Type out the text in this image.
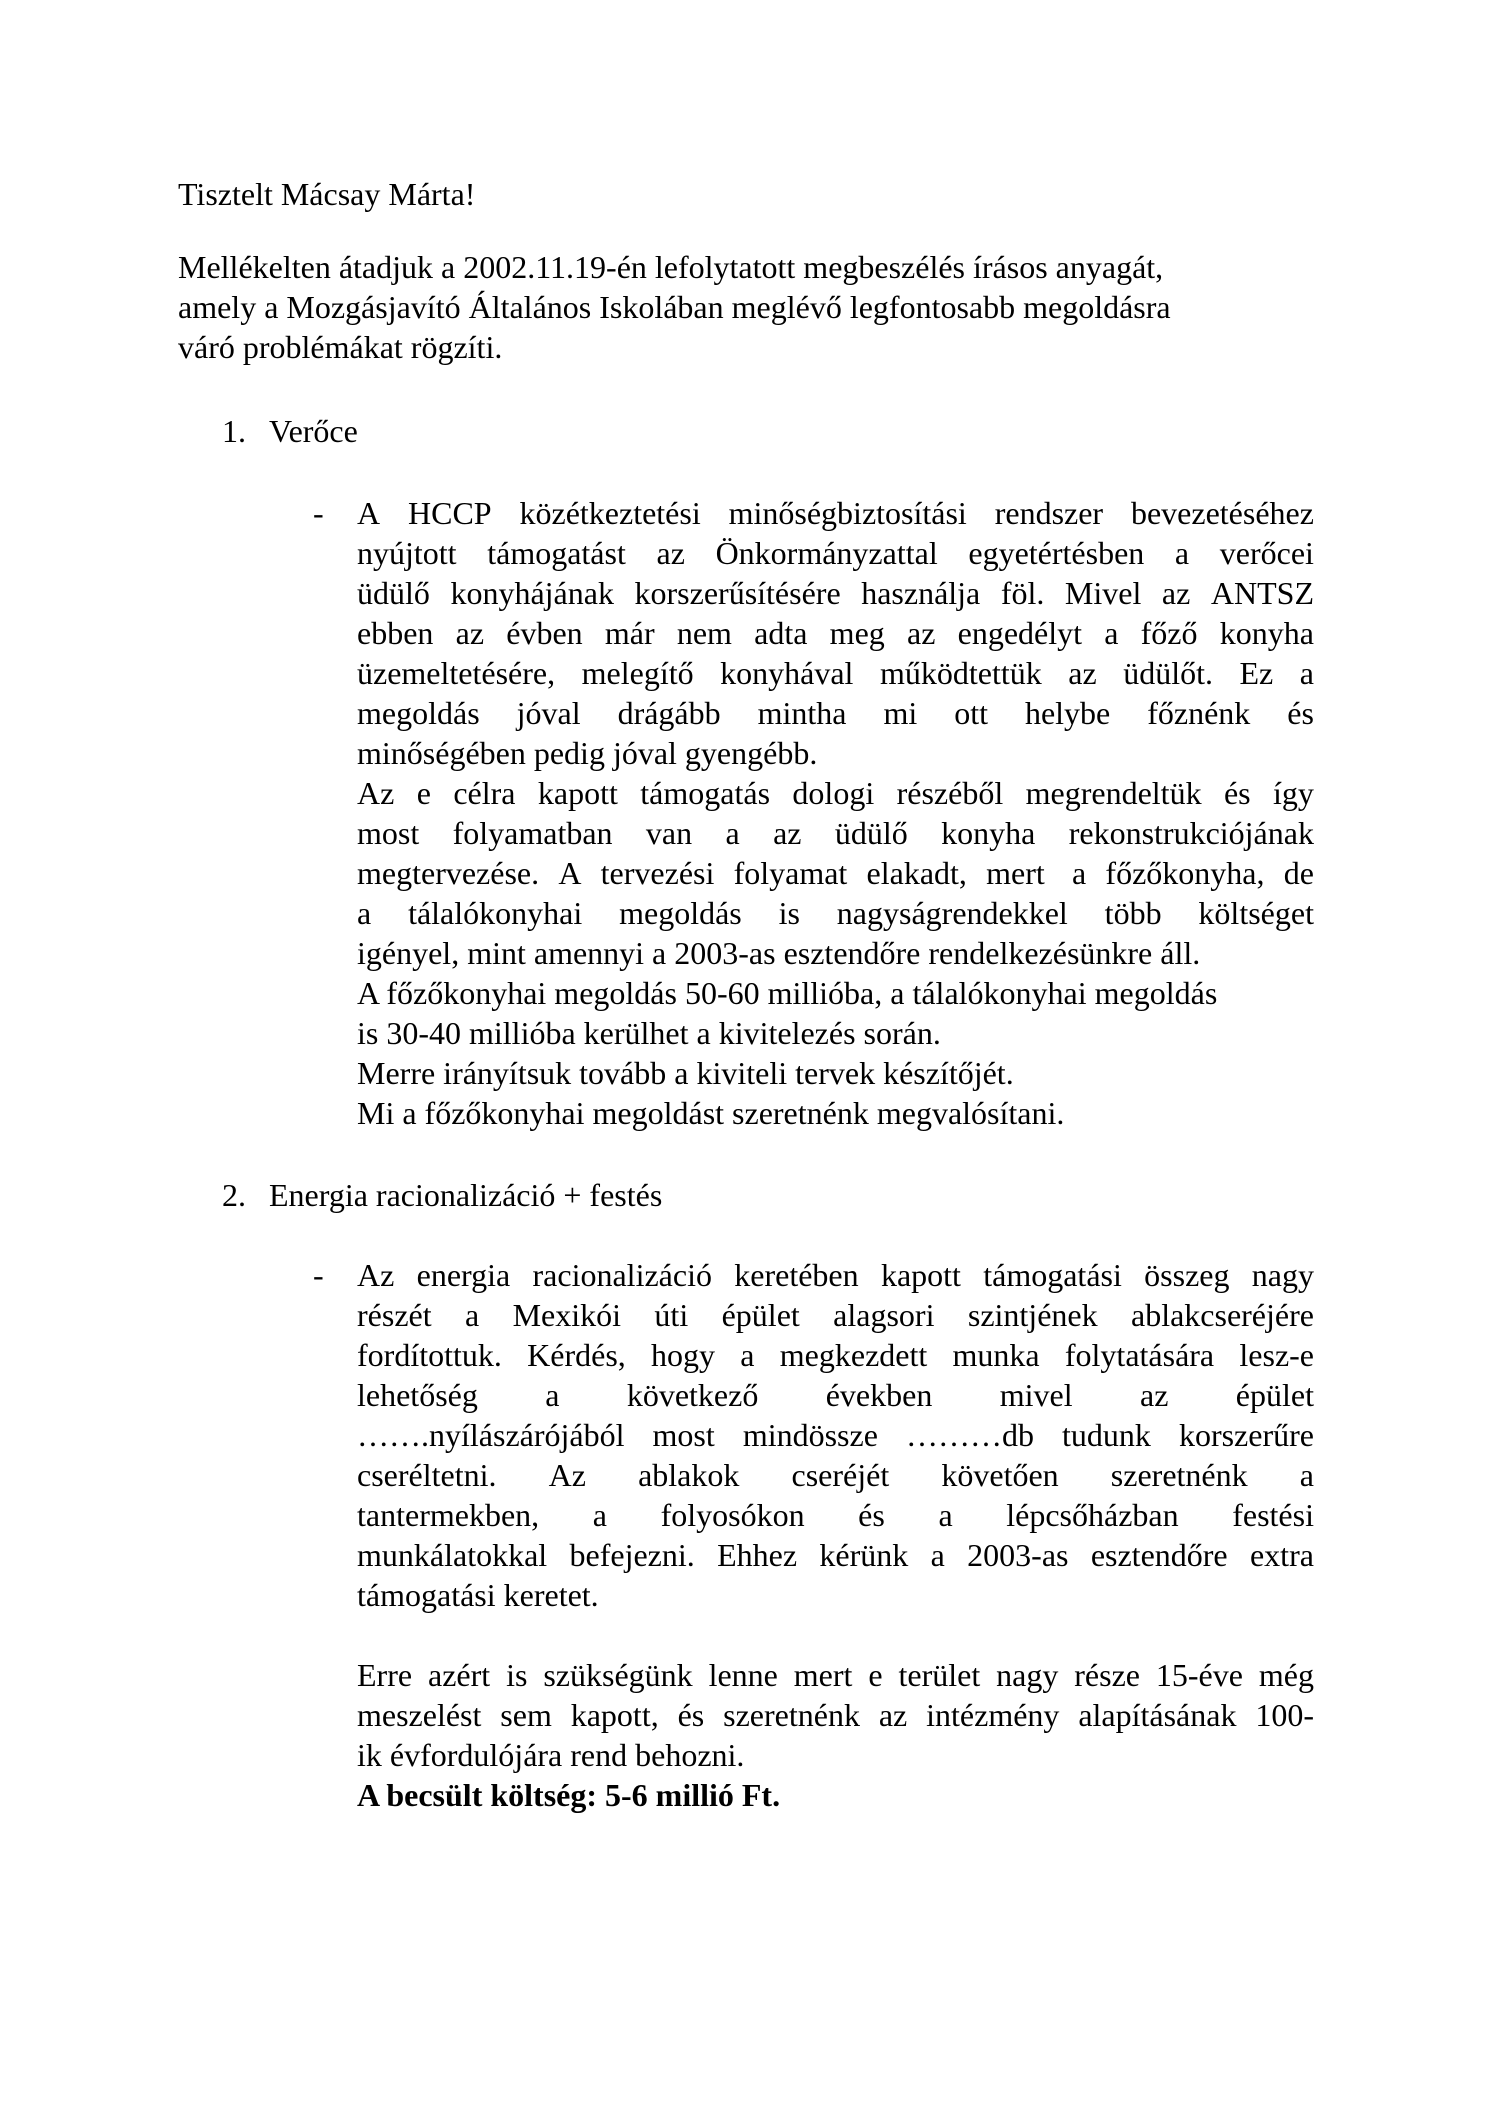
Tisztelt Mácsay Márta!
Mellékelten átadjuk a 2002.11.19-én lefolytatott megbeszélés írásos anyagát,
amely a Mozgásjavító Általános Iskolában meglévő legfontosabb megoldásra
váró problémákat rögzíti.
1. Verőce
- A HCCP közétkeztetési minőségbiztosítási rendszer bevezetéséhez
nyújtott támogatást az Önkormányzattal egyetértésben a verőcei
üdülő konyhájának korszerűsítésére használja föl. Mivel az ANTSZ
ebben az évben már nem adta meg az engedélyt a főző konyha
üzemeltetésére, melegítő konyhával működtettük az üdülőt. Ez a
megoldás jóval drágább mintha mi ott helybe főznénk és
minőségében pedig jóval gyengébb.
Az e célra kapott támogatás dologi részéből megrendeltük és így
most folyamatban van a az üdülő konyha rekonstrukciójának
megtervezése. A tervezési folyamat elakadt, mert a főzőkonyha, de
a tálalókonyhai megoldás is nagyságrendekkel több költséget
igényel, mint amennyi a 2003-as esztendőre rendelkezésünkre áll.
A főzőkonyhai megoldás 50-60 millióba, a tálalókonyhai megoldás
is 30-40 millióba kerülhet a kivitelezés során.
Merre irányítsuk tovább a kiviteli tervek készítőjét.
Mi a főzőkonyhai megoldást szeretnénk megvalósítani.
2. Energia racionalizáció + festés
- Az energia racionalizáció keretében kapott támogatási összeg nagy
részét a Mexikói úti épület alagsori szintjének ablakcseréjére
fordítottuk. Kérdés, hogy a megkezdett munka folytatására lesz-e
lehetőség a következő években mivel az épület
…….nyílászárójából most mindössze ………db tudunk korszerűre
cseréltetni. Az ablakok cseréjét követően szeretnénk a
tantermekben, a folyosókon és a lépcsőházban festési
munkálatokkal befejezni. Ehhez kérünk a 2003-as esztendőre extra
támogatási keretet.
Erre azért is szükségünk lenne mert e terület nagy része 15-éve még
meszelést sem kapott, és szeretnénk az intézmény alapításának 100-
ik évfordulójára rend behozni.
A becsült költség: 5-6 millió Ft.
